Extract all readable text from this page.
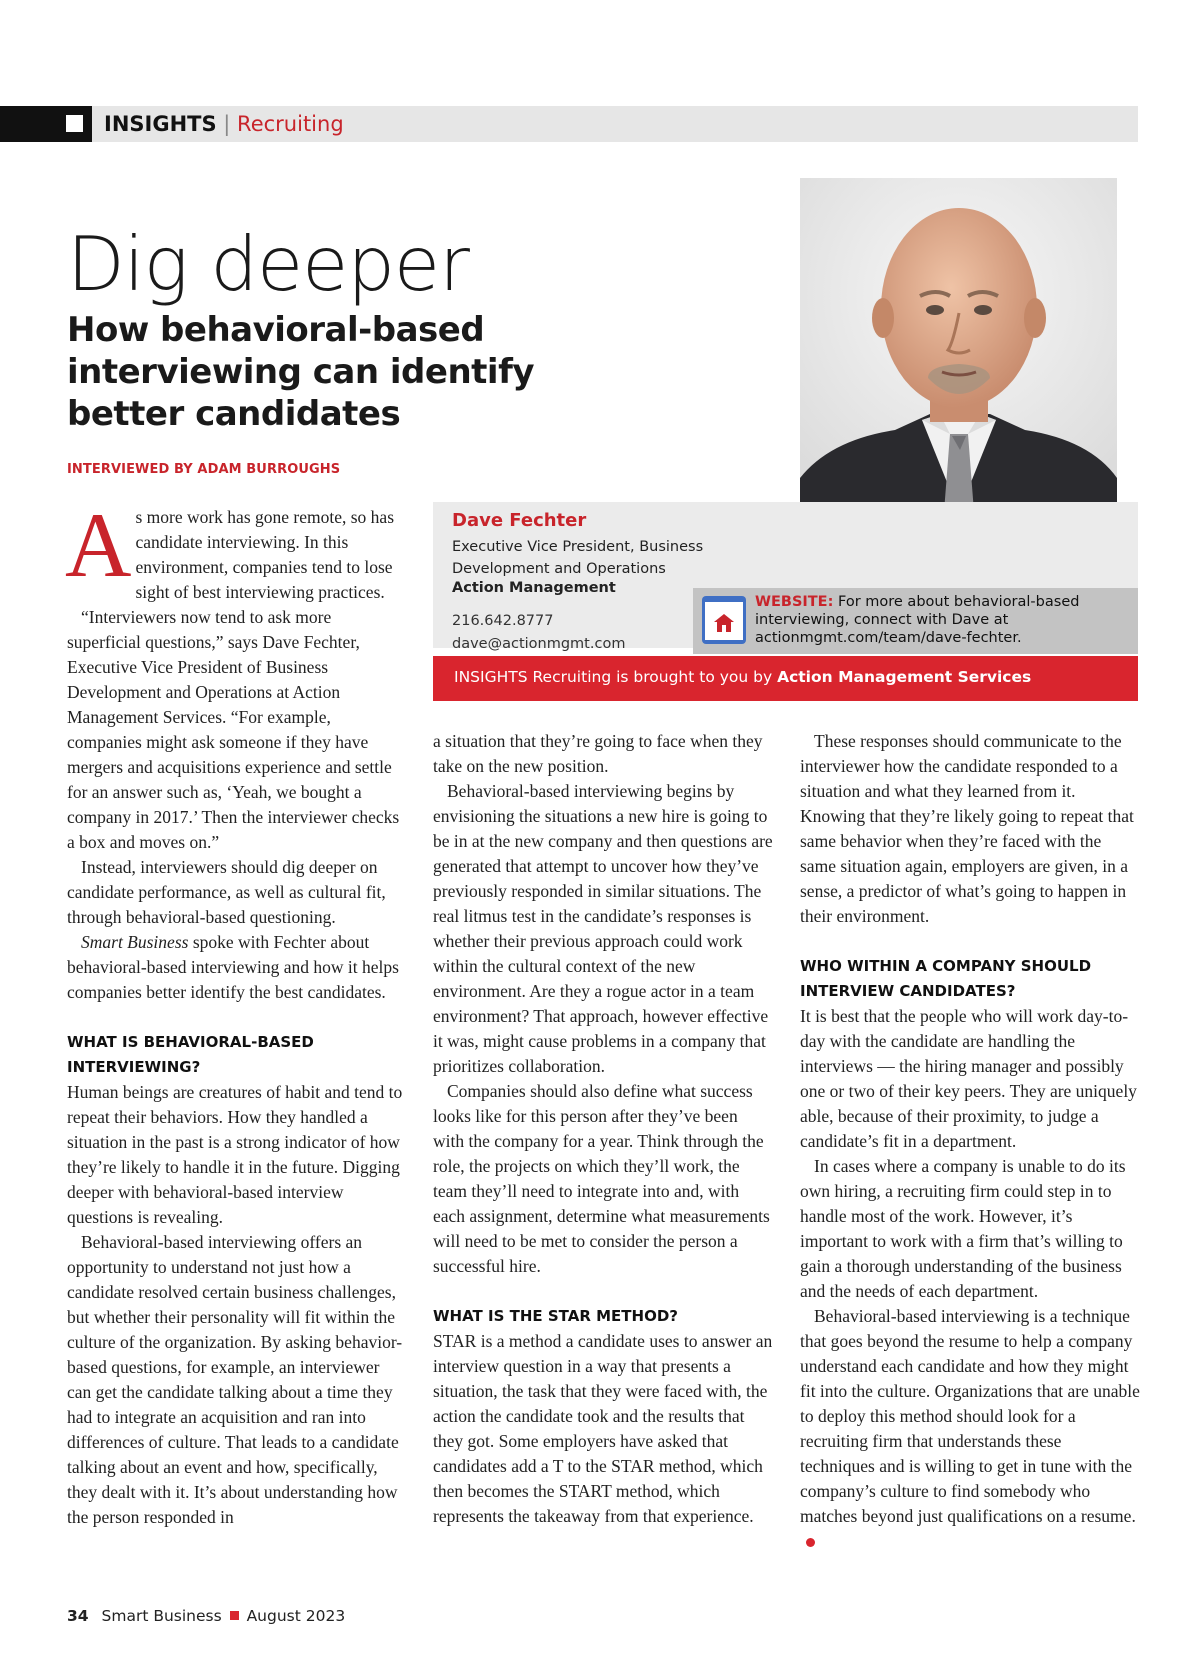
INSIGHTS | Recruiting
Dig deeper
How behavioral-based interviewing can identify better candidates
INTERVIEWED BY ADAM BURROUGHS
Dave Fechter
Executive Vice President, Business Development and Operations
Action Management
216.642.8777
dave@actionmgmt.com
WEBSITE: For more about behavioral-based interviewing, connect with Dave at actionmgmt.com/team/dave-fechter.
INSIGHTS Recruiting is brought to you by Action Management Services

As more work has gone remote, so has candidate interviewing. In this environment, companies tend to lose sight of best interviewing practices.

“Interviewers now tend to ask more superficial questions,” says Dave Fechter, Executive Vice President of Business Development and Operations at Action Management Services. “For example, companies might ask someone if they have mergers and acquisitions experience and settle for an answer such as, ‘Yeah, we bought a company in 2017.’ Then the interviewer checks a box and moves on.”

Instead, interviewers should dig deeper on candidate performance, as well as cultural fit, through behavioral-based questioning.

Smart Business spoke with Fechter about behavioral-based interviewing and how it helps companies better identify the best candidates.

WHAT IS BEHAVIORAL-BASED INTERVIEWING?

Human beings are creatures of habit and tend to repeat their behaviors. How they handled a situation in the past is a strong indicator of how they’re likely to handle it in the future. Digging deeper with behavioral-based interview questions is revealing.

Behavioral-based interviewing offers an opportunity to understand not just how a candidate resolved certain business challenges, but whether their personality will fit within the culture of the organization. By asking behavior-based questions, for example, an interviewer can get the candidate talking about a time they had to integrate an acquisition and ran into differences of culture. That leads to a candidate talking about an event and how, specifically, they dealt with it. It’s about understanding how the person responded in

a situation that they’re going to face when they take on the new position.

Behavioral-based interviewing begins by envisioning the situations a new hire is going to be in at the new company and then questions are generated that attempt to uncover how they’ve previously responded in similar situations. The real litmus test in the candidate’s responses is whether their previous approach could work within the cultural context of the new environment. Are they a rogue actor in a team environment? That approach, however effective it was, might cause problems in a company that prioritizes collaboration.

Companies should also define what success looks like for this person after they’ve been with the company for a year. Think through the role, the projects on which they’ll work, the team they’ll need to integrate into and, with each assignment, determine what measurements will need to be met to consider the person a successful hire.

WHAT IS THE STAR METHOD?

STAR is a method a candidate uses to answer an interview question in a way that presents a situation, the task that they were faced with, the action the candidate took and the results that they got. Some employers have asked that candidates add a T to the STAR method, which then becomes the START method, which represents the takeaway from that experience.

These responses should communicate to the interviewer how the candidate responded to a situation and what they learned from it. Knowing that they’re likely going to repeat that same behavior when they’re faced with the same situation again, employers are given, in a sense, a predictor of what’s going to happen in their environment.

WHO WITHIN A COMPANY SHOULD INTERVIEW CANDIDATES?

It is best that the people who will work day-to-day with the candidate are handling the interviews — the hiring manager and possibly one or two of their key peers. They are uniquely able, because of their proximity, to judge a candidate’s fit in a department.

In cases where a company is unable to do its own hiring, a recruiting firm could step in to handle most of the work. However, it’s important to work with a firm that’s willing to gain a thorough understanding of the business and the needs of each department.

Behavioral-based interviewing is a technique that goes beyond the resume to help a company understand each candidate and how they might fit into the culture. Organizations that are unable to deploy this method should look for a recruiting firm that understands these techniques and is willing to get in tune with the company’s culture to find somebody who matches beyond just qualifications on a resume.

34 Smart Business August 2023
